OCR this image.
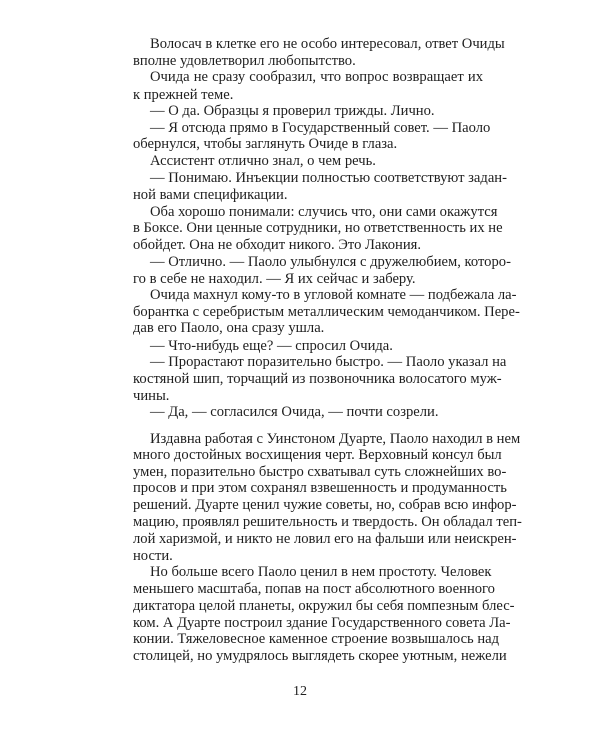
Волосач в клетке его не особо интересовал, ответ Очиды
вполне удовлетворил любопытство.
Очида не сразу сообразил, что вопрос возвращает их
к прежней теме.
— О да. Образцы я проверил трижды. Лично.
— Я отсюда прямо в Государственный совет. — Паоло
обернулся, чтобы заглянуть Очиде в глаза.
Ассистент отлично знал, о чем речь.
— Понимаю. Инъекции полностью соответствуют задан-
ной вами спецификации.
Оба хорошо понимали: случись что, они сами окажутся
в Боксе. Они ценные сотрудники, но ответственность их не
обойдет. Она не обходит никого. Это Лакония.
— Отлично. — Паоло улыбнулся с дружелюбием, которо-
го в себе не находил. — Я их сейчас и заберу.
Очида махнул кому-то в угловой комнате — подбежала ла-
борантка с серебристым металлическим чемоданчиком. Пере-
дав его Паоло, она сразу ушла.
— Что-нибудь еще? — спросил Очида.
— Прорастают поразительно быстро. — Паоло указал на
костяной шип, торчащий из позвоночника волосатого муж-
чины.
— Да, — согласился Очида, — почти созрели.
Издавна работая с Уинстоном Дуарте, Паоло находил в нем
много достойных восхищения черт. Верховный консул был
умен, поразительно быстро схватывал суть сложнейших во-
просов и при этом сохранял взвешенность и продуманность
решений. Дуарте ценил чужие советы, но, собрав всю инфор-
мацию, проявлял решительность и твердость. Он обладал теп-
лой харизмой, и никто не ловил его на фальши или неискрен-
ности.
Но больше всего Паоло ценил в нем простоту. Человек
меньшего масштаба, попав на пост абсолютного военного
диктатора целой планеты, окружил бы себя помпезным блес-
ком. А Дуарте построил здание Государственного совета Ла-
конии. Тяжеловесное каменное строение возвышалось над
столицей, но умудрялось выглядеть скорее уютным, нежели
12
